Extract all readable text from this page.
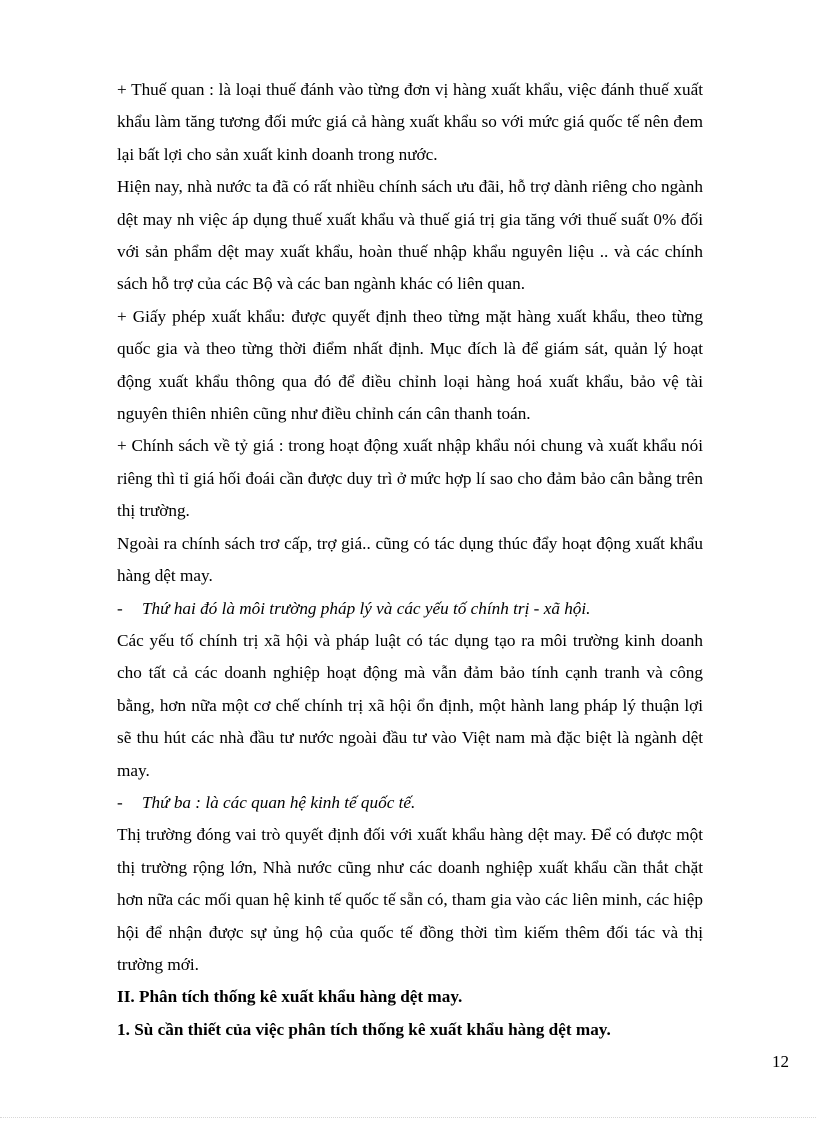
+ Thuế quan : là loại thuế đánh vào từng đơn vị hàng xuất khẩu, việc đánh thuế xuất khẩu làm tăng tương đối mức giá cả hàng xuất khẩu so với mức giá quốc tế nên đem lại bất lợi cho sản xuất kinh doanh trong nước.

Hiện nay, nhà nước ta đã có rất nhiều chính sách ưu đãi, hỗ trợ dành riêng cho ngành dệt may nh việc áp dụng thuế xuất khẩu và thuế giá trị gia tăng với thuế suất 0% đối với sản phẩm dệt may xuất khẩu, hoàn thuế nhập khẩu nguyên liệu .. và các chính sách hỗ trợ của các Bộ và các ban ngành khác có liên quan.

+ Giấy phép xuất khẩu: được quyết định theo từng mặt hàng xuất khẩu, theo từng quốc gia và theo từng thời điểm nhất định. Mục đích là để giám sát, quản lý hoạt động xuất khẩu thông qua đó để điều chỉnh loại hàng hoá xuất khẩu, bảo vệ tài nguyên thiên nhiên cũng như điều chỉnh cán cân thanh toán.

+ Chính sách về tỷ giá : trong hoạt động xuất nhập khẩu nói chung và xuất khẩu nói riêng thì tỉ giá hối đoái cần được duy trì ở mức hợp lí sao cho đảm bảo cân bằng trên thị trường.

Ngoài ra chính sách trơ cấp, trợ giá.. cũng có tác dụng thúc đẩy hoạt động xuất khẩu hàng dệt may.

-	Thứ hai đó là môi trường pháp lý và các yếu tố chính trị - xã hội.

Các yếu tố chính trị xã hội và pháp luật có tác dụng tạo ra môi trường kinh doanh cho tất cả các doanh nghiệp hoạt động mà vẫn đảm bảo tính cạnh tranh và công bằng, hơn nữa một cơ chế chính trị xã hội ổn định, một hành lang pháp lý thuận lợi sẽ thu hút các nhà đầu tư nước ngoài đầu tư vào Việt nam mà đặc biệt là ngành dệt may.

-	Thứ ba : là các quan hệ kinh tế quốc tế.

Thị trường đóng vai trò quyết định đối với xuất khẩu hàng dệt may. Để có được một thị trường rộng lớn, Nhà nước cũng như các doanh nghiệp xuất khẩu cần thắt chặt hơn nữa các mối quan hệ kinh tế quốc tế sẵn có, tham gia vào các liên minh, các hiệp hội để nhận được sự ủng hộ của quốc tế đồng thời tìm kiếm thêm đối tác và thị trường mới.

II. Phân tích thống kê xuất khẩu hàng dệt may.

1. Sù cần thiết của việc phân tích thống kê xuất khẩu hàng dệt may.

12
